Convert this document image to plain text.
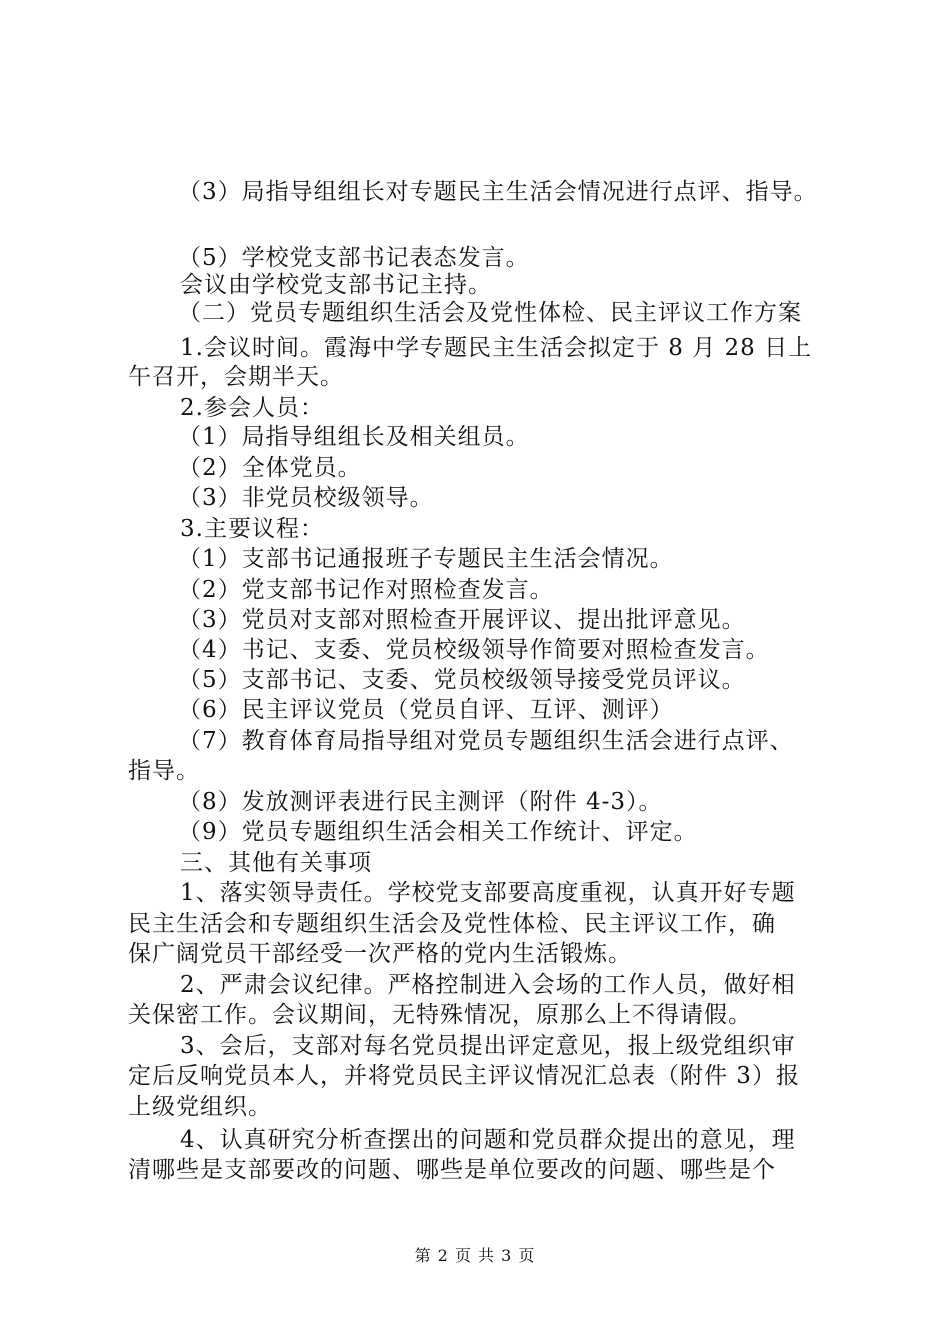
（3）局指导组组长对专题民主生活会情况进行点评、指导。
（5）学校党支部书记表态发言。
会议由学校党支部书记主持。
（二）党员专题组织生活会及党性体检、民主评议工作方案
1.会议时间。霞海中学专题民主生活会拟定于 8 月 28 日上
午召开，会期半天。
2.参会人员：
（1）局指导组组长及相关组员。
（2）全体党员。
（3）非党员校级领导。
3.主要议程：
（1）支部书记通报班子专题民主生活会情况。
（2）党支部书记作对照检查发言。
（3）党员对支部对照检查开展评议、提出批评意见。
（4）书记、支委、党员校级领导作简要对照检查发言。
（5）支部书记、支委、党员校级领导接受党员评议。
（6）民主评议党员（党员自评、互评、测评）
（7）教育体育局指导组对党员专题组织生活会进行点评、
指导。
（8）发放测评表进行民主测评（附件 4-3）。
（9）党员专题组织生活会相关工作统计、评定。
三、其他有关事项
1、落实领导责任。学校党支部要高度重视，认真开好专题
民主生活会和专题组织生活会及党性体检、民主评议工作，确
保广阔党员干部经受一次严格的党内生活锻炼。
2、严肃会议纪律。严格控制进入会场的工作人员，做好相
关保密工作。会议期间，无特殊情况，原那么上不得请假。
3、会后，支部对每名党员提出评定意见，报上级党组织审
定后反响党员本人，并将党员民主评议情况汇总表（附件 3）报
上级党组织。
4、认真研究分析查摆出的问题和党员群众提出的意见，理
清哪些是支部要改的问题、哪些是单位要改的问题、哪些是个
第 2 页 共 3 页
